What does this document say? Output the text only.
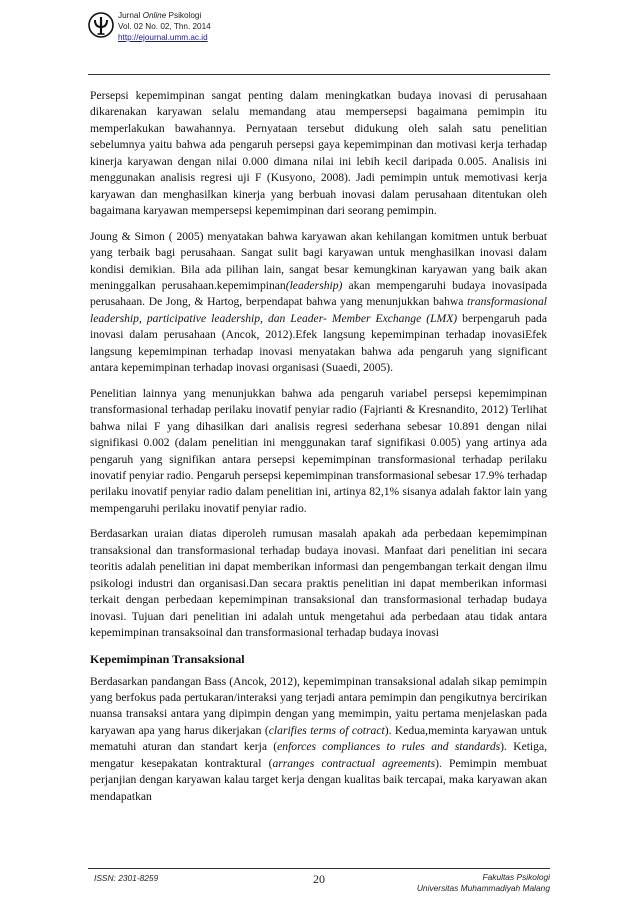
Jurnal Online Psikologi
Vol. 02 No. 02, Thn. 2014
http://ejournal.umm.ac.id

Persepsi kepemimpinan sangat penting dalam meningkatkan budaya inovasi di perusahaan dikarenakan karyawan selalu memandang atau mempersepsi bagaimana pemimpin itu memperlakukan bawahannya. Pernyataan tersebut didukung oleh salah satu penelitian sebelumnya yaitu bahwa ada pengaruh persepsi gaya kepemimpinan dan motivasi kerja terhadap kinerja karyawan dengan nilai 0.000 dimana nilai ini lebih kecil daripada 0.005. Analisis ini menggunakan analisis regresi uji F (Kusyono, 2008). Jadi pemimpin untuk memotivasi kerja karyawan dan menghasilkan kinerja yang berbuah inovasi dalam perusahaan ditentukan oleh bagaimana karyawan mempersepsi kepemimpinan dari seorang pemimpin.

Joung & Simon ( 2005) menyatakan bahwa karyawan akan kehilangan komitmen untuk berbuat yang terbaik bagi perusahaan. Sangat sulit bagi karyawan untuk menghasilkan inovasi dalam kondisi demikian. Bila ada pilihan lain, sangat besar kemungkinan karyawan yang baik akan meninggalkan perusahaan.kepemimpinan(leadership) akan mempengaruhi budaya inovasipada perusahaan. De Jong, & Hartog, berpendapat bahwa yang menunjukkan bahwa transformasional leadership, participative leadership, dan Leader- Member Exchange (LMX) berpengaruh pada inovasi dalam perusahaan (Ancok, 2012).Efek langsung kepemimpinan terhadap inovasiEfek langsung kepemimpinan terhadap inovasi menyatakan bahwa ada pengaruh yang significant antara kepemimpinan terhadap inovasi organisasi (Suaedi, 2005).

Penelitian lainnya yang menunjukkan bahwa ada pengaruh variabel persepsi kepemimpinan transformasional terhadap perilaku inovatif penyiar radio (Fajrianti & Kresnandito, 2012) Terlihat bahwa nilai F yang dihasilkan dari analisis regresi sederhana sebesar 10.891 dengan nilai signifikasi 0.002 (dalam penelitian ini menggunakan taraf signifikasi 0.005) yang artinya ada pengaruh yang signifikan antara persepsi kepemimpinan transformasional terhadap perilaku inovatif penyiar radio. Pengaruh persepsi kepemimpinan transformasional sebesar 17.9% terhadap perilaku inovatif penyiar radio dalam penelitian ini, artinya 82,1% sisanya adalah faktor lain yang mempengaruhi perilaku inovatif penyiar radio.

Berdasarkan uraian diatas diperoleh rumusan masalah apakah ada perbedaan kepemimpinan transaksional dan transformasional terhadap budaya inovasi. Manfaat dari penelitian ini secara teoritis adalah penelitian ini dapat memberikan informasi dan pengembangan terkait dengan ilmu psikologi industri dan organisasi.Dan secara praktis penelitian ini dapat memberikan informasi terkait dengan perbedaan kepemimpinan transaksional dan transformasional terhadap budaya inovasi. Tujuan dari penelitian ini adalah untuk mengetahui ada perbedaan atau tidak antara kepemimpinan transaksoinal dan transformasional terhadap budaya inovasi

Kepemimpinan Transaksional

Berdasarkan pandangan Bass (Ancok, 2012), kepemimpinan transaksional adalah sikap pemimpin yang berfokus pada pertukaran/interaksi yang terjadi antara pemimpin dan pengikutnya bercirikan nuansa transaksi antara yang dipimpin dengan yang memimpin, yaitu pertama menjelaskan pada karyawan apa yang harus dikerjakan (clarifies terms of cotract). Kedua,meminta karyawan untuk mematuhi aturan dan standart kerja (enforces compliances to rules and standards). Ketiga, mengatur kesepakatan kontraktural (arranges contractual agreements). Pemimpin membuat perjanjian dengan karyawan kalau target kerja dengan kualitas baik tercapai, maka karyawan akan mendapatkan

ISSN: 2301-8259	20	Fakultas Psikologi
Universitas Muhammadiyah Malang
